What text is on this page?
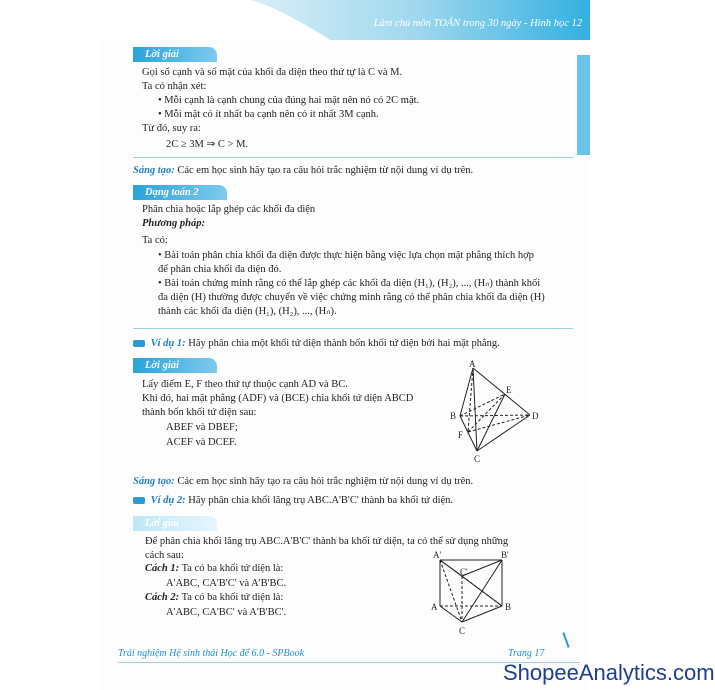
Làm chủ môn TOÁN trong 30 ngày - Hình học 12
Lời giải
Gọi số cạnh và số mặt của khối đa diện theo thứ tự là C và M.
Ta có nhận xét:
• Mỗi cạnh là cạnh chung của đúng hai mặt nên nó có 2C mặt.
• Mỗi mặt có ít nhất ba cạnh nên có ít nhất 3M cạnh.
Từ đó, suy ra:
2C ≥ 3M ⇒ C > M.
Sáng tạo: Các em học sinh hãy tạo ra câu hỏi trắc nghiệm từ nội dung ví dụ trên.
Dạng toán 2
Phân chia hoặc lắp ghép các khối đa diện
Phương pháp:
Ta có:
• Bài toán phân chia khối đa diện được thực hiện bằng việc lựa chọn mặt phẳng thích hợp
để phân chia khối đa diện đó.
• Bài toán chứng minh rằng có thể lắp ghép các khối đa diện (H₁), (H₂), ..., (Hₙ) thành khối
đa diện (H) thường được chuyển về việc chứng minh rằng có thể phân chia khối đa diện (H)
thành các khối đa diện (H₁), (H₂), ..., (Hₙ).
Ví dụ 1: Hãy phân chia một khối tứ diện thành bốn khối tứ diện bởi hai mặt phẳng.
Lời giải
Lấy điểm E, F theo thứ tự thuộc cạnh AD và BC.
Khi đó, hai mặt phẳng (ADF) và (BCE) chia khối tứ diện ABCD
thành bốn khối tứ diện sau:
ABEF và DBEF;
ACEF và DCEF.
A
E
B	D
F
C
Sáng tạo: Các em học sinh hãy tạo ra câu hỏi trắc nghiệm từ nội dung ví dụ trên.
Ví dụ 2: Hãy phân chia khối lăng trụ ABC.A'B'C' thành ba khối tứ diện.
Lời giải
Để phân chia khối lăng trụ ABC.A'B'C' thành ba khối tứ diện, ta có thể sử dụng những
cách sau:
Cách 1: Ta có ba khối tứ diện là:
A'ABC, CA'B'C' và A'B'BC.
Cách 2: Ta có ba khối tứ diện là:
A'ABC, CA'BC' và A'B'BC'.
A'	B'
C'
A	B
C
Trải nghiệm Hệ sinh thái Học để 6.0 - SPBook	Trang 17
ShopeeAnalytics.com
